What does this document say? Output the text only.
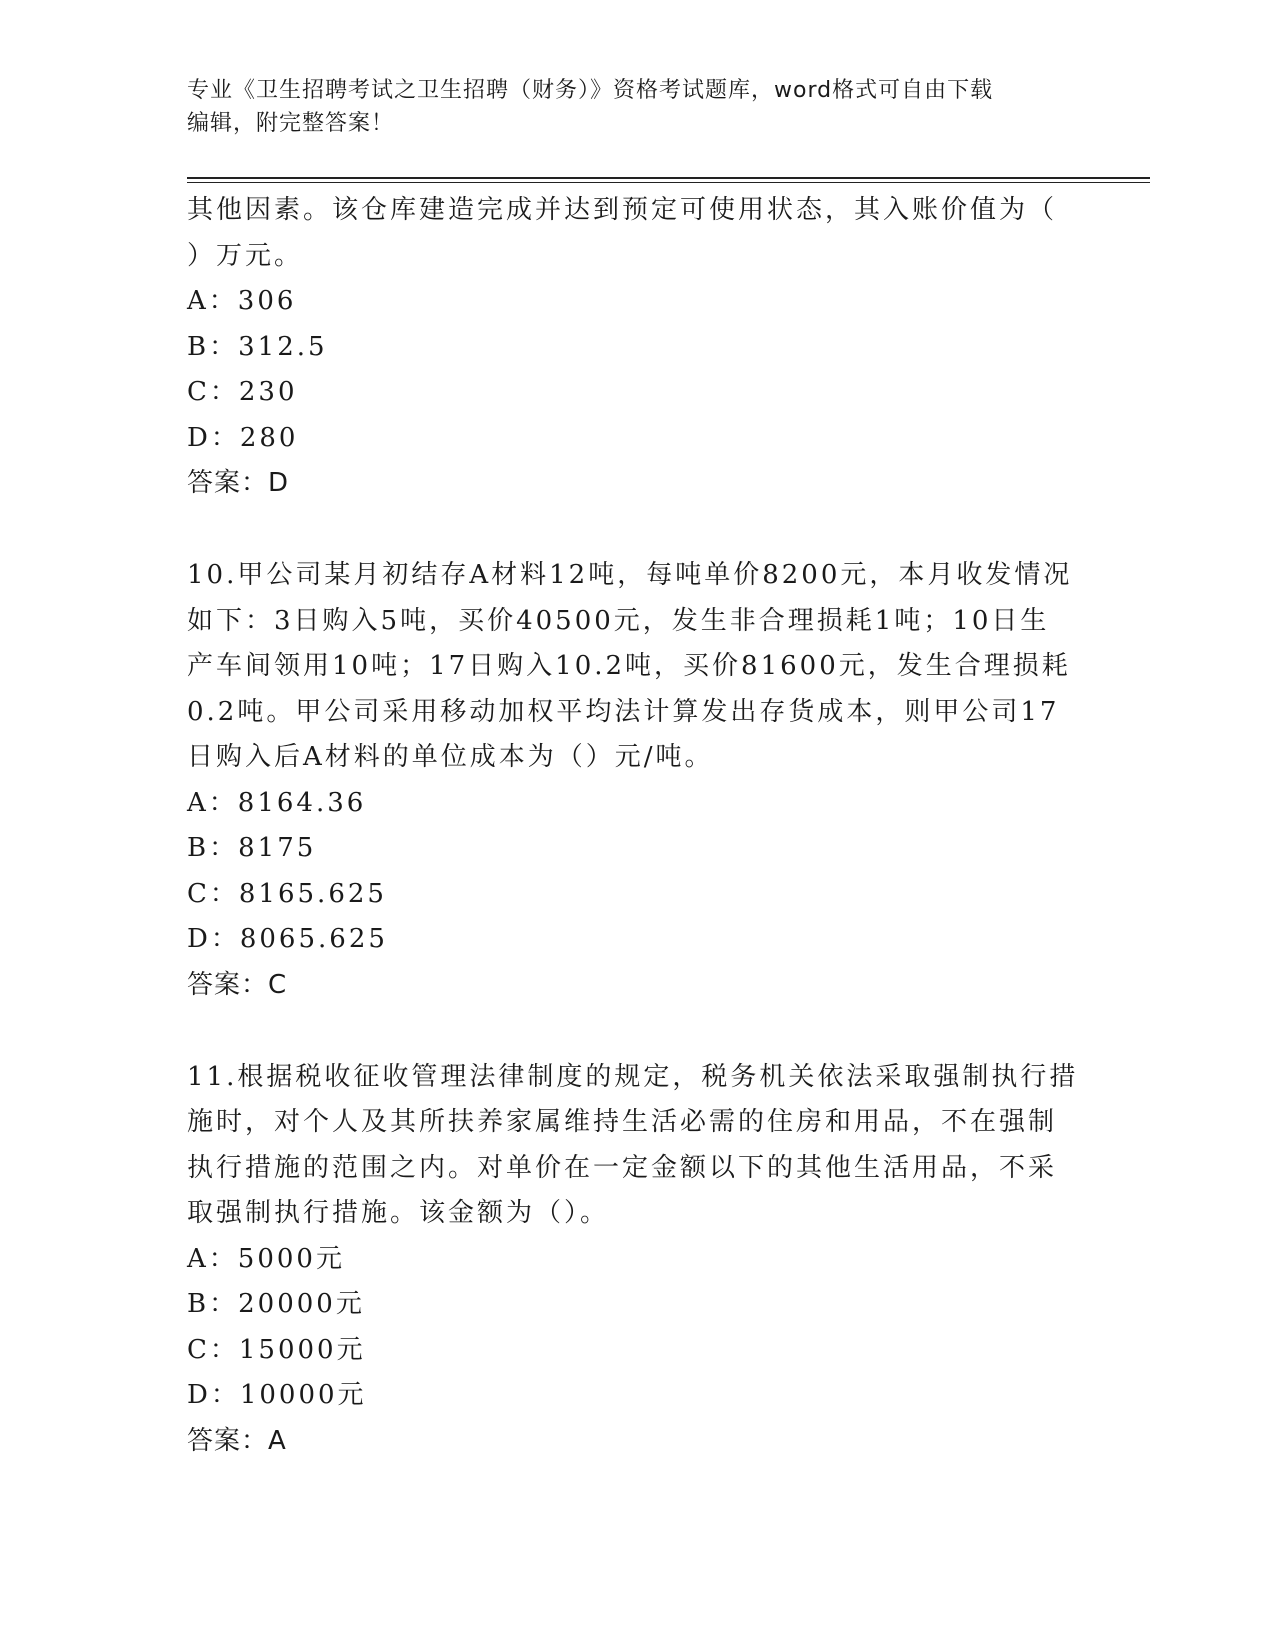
专业《卫生招聘考试之卫生招聘（财务）》资格考试题库，word格式可自由下载
编辑，附完整答案！

其他因素。该仓库建造完成并达到预定可使用状态，其入账价值为（

）万元。

A：306

B：312.5

C：230

D：280

答案：D

10.甲公司某月初结存A材料12吨，每吨单价8200元，本月收发情况

如下：3日购入5吨，买价40500元，发生非合理损耗1吨；10日生

产车间领用10吨；17日购入10.2吨，买价81600元，发生合理损耗

0.2吨。甲公司采用移动加权平均法计算发出存货成本，则甲公司17

日购入后A材料的单位成本为（）元/吨。

A：8164.36

B：8175

C：8165.625

D：8065.625

答案：C

11.根据税收征收管理法律制度的规定，税务机关依法采取强制执行措

施时，对个人及其所扶养家属维持生活必需的住房和用品，不在强制

执行措施的范围之内。对单价在一定金额以下的其他生活用品，不采

取强制执行措施。该金额为（）。

A：5000元

B：20000元

C：15000元

D：10000元

答案：A
